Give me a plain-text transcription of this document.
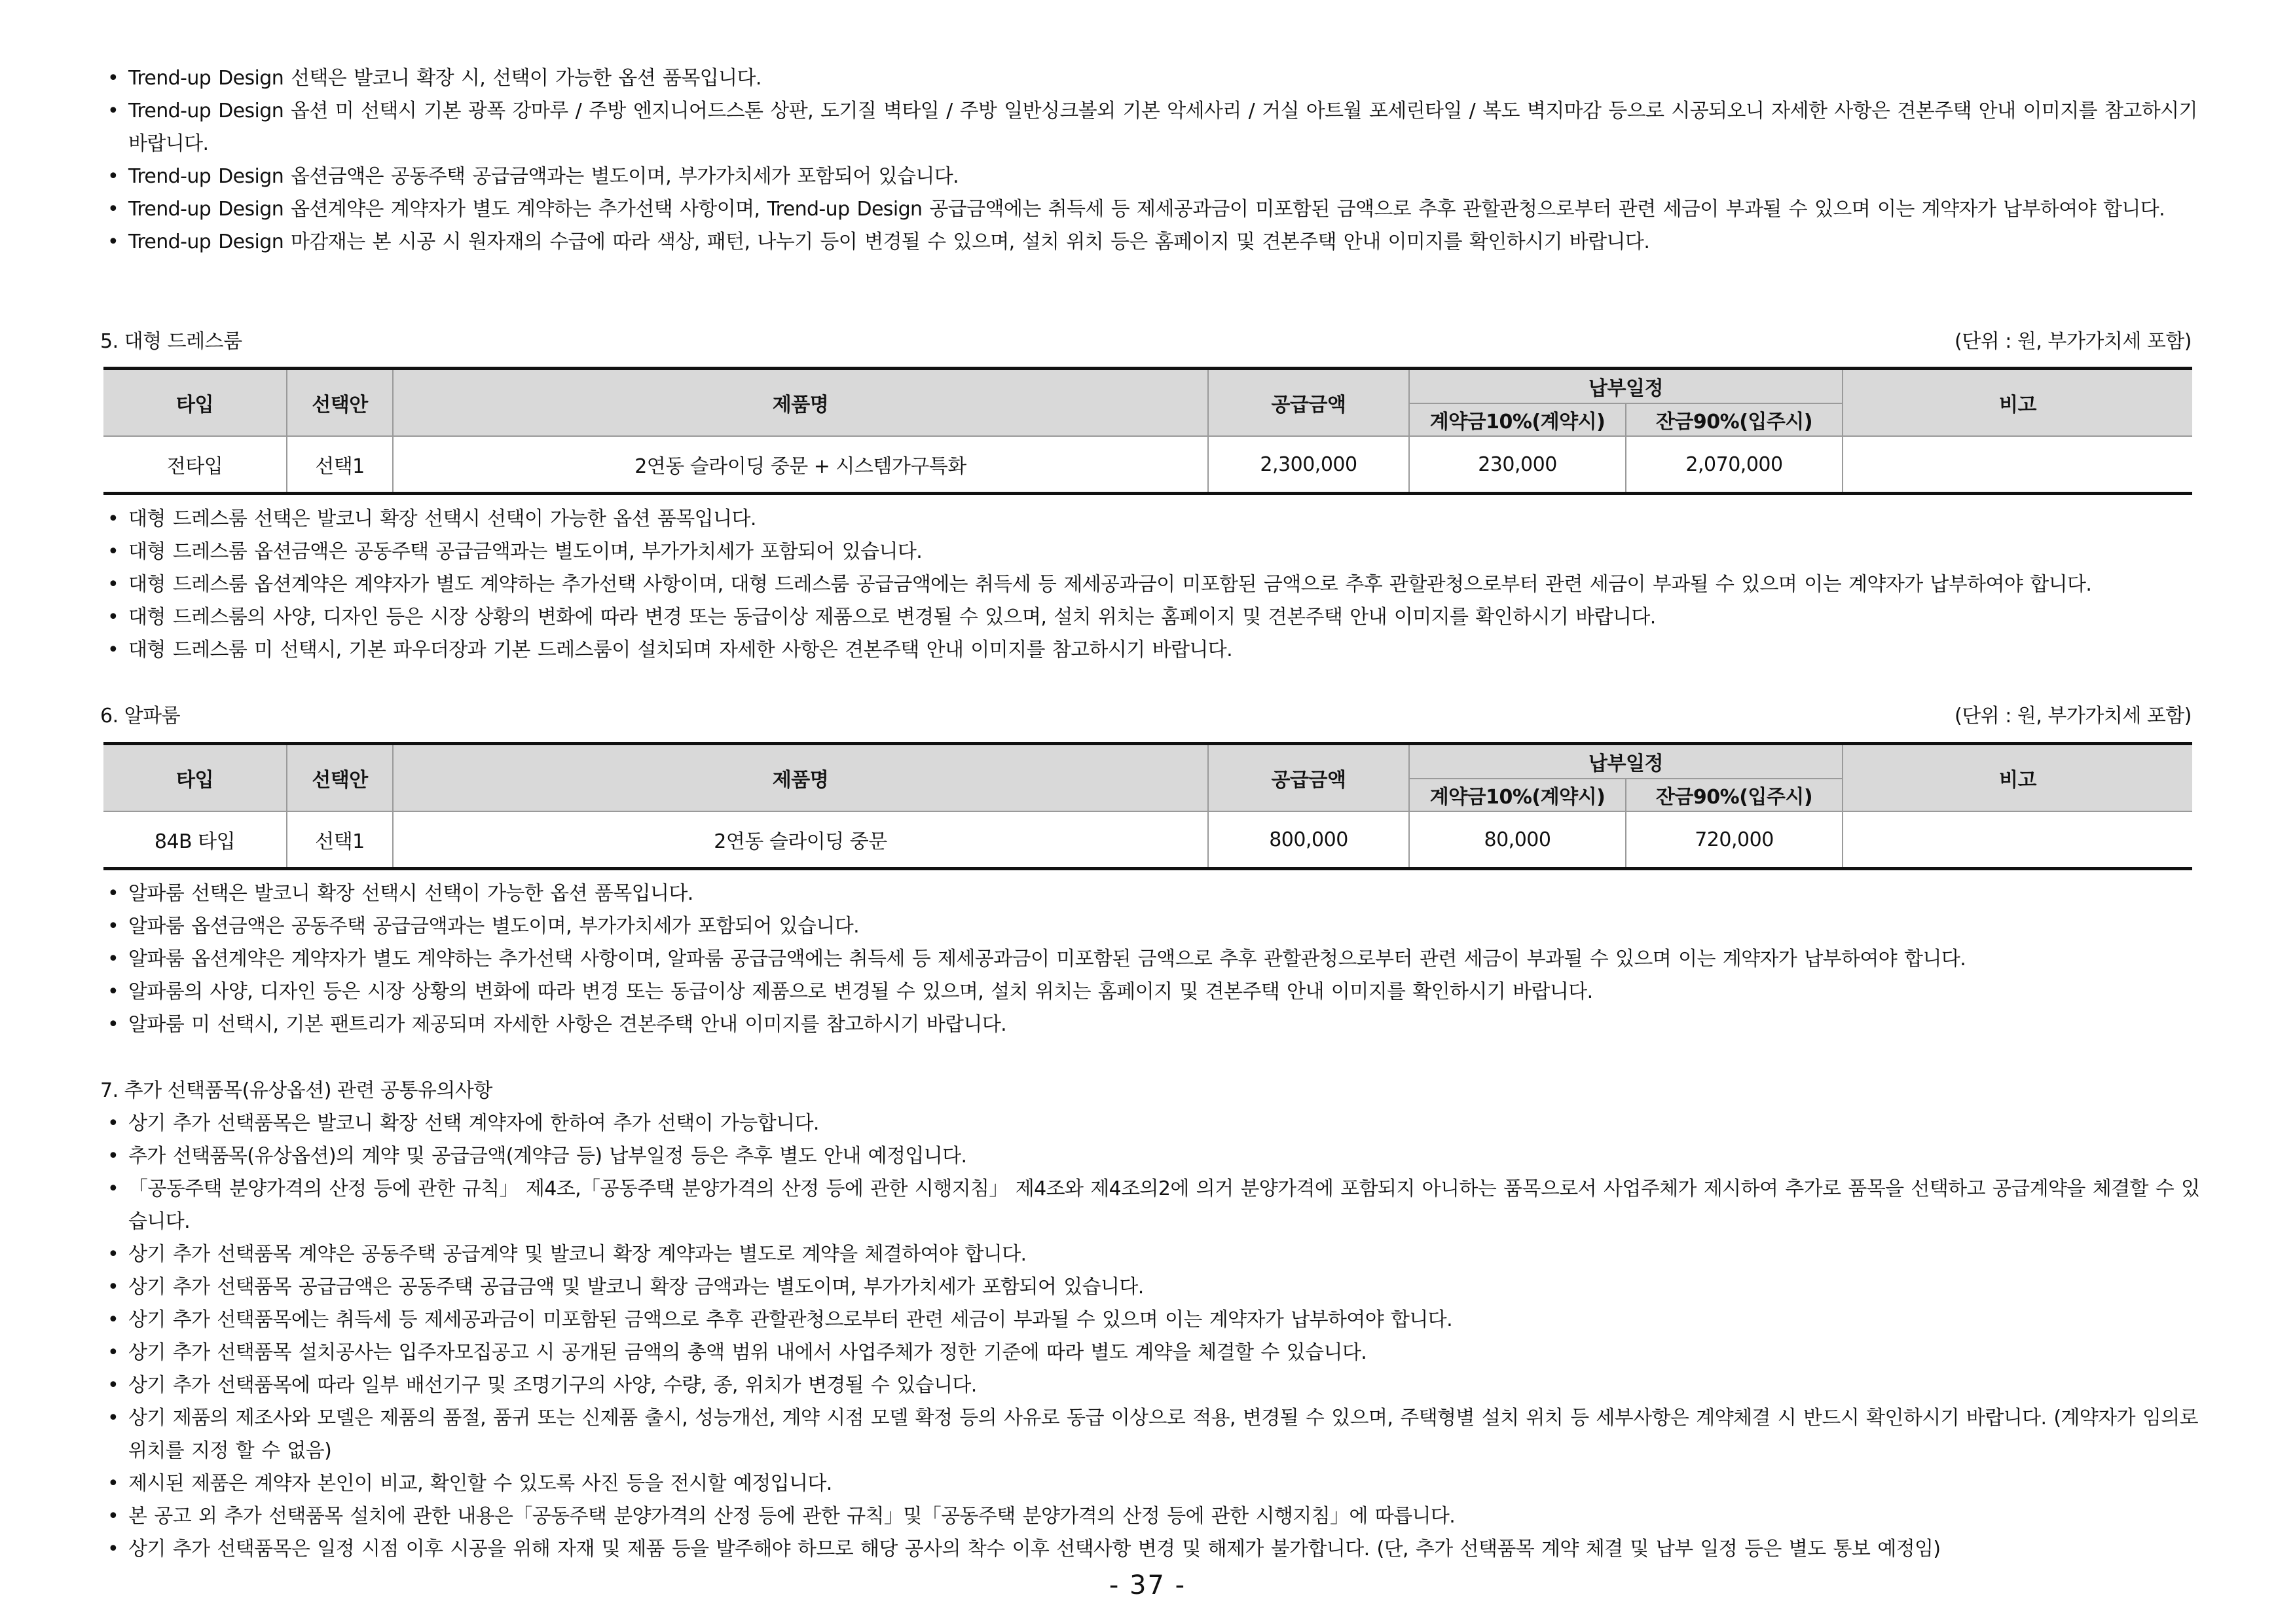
• Trend-up Design 선택은 발코니 확장 시, 선택이 가능한 옵션 품목입니다.
• Trend-up Design 옵션 미 선택시 기본 광폭 강마루 / 주방 엔지니어드스톤 상판, 도기질 벽타일 / 주방 일반싱크볼외 기본 악세사리 / 거실 아트월 포세린타일 / 복도 벽지마감 등으로 시공되오니 자세한 사항은 견본주택 안내 이미지를 참고하시기 바랍니다.
• Trend-up Design 옵션금액은 공동주택 공급금액과는 별도이며, 부가가치세가 포함되어 있습니다.
• Trend-up Design 옵션계약은 계약자가 별도 계약하는 추가선택 사항이며, Trend-up Design 공급금액에는 취득세 등 제세공과금이 미포함된 금액으로 추후 관할관청으로부터 관련 세금이 부과될 수 있으며 이는 계약자가 납부하여야 합니다.
• Trend-up Design 마감재는 본 시공 시 원자재의 수급에 따라 색상, 패턴, 나누기 등이 변경될 수 있으며, 설치 위치 등은 홈페이지 및 견본주택 안내 이미지를 확인하시기 바랍니다.
5. 대형 드레스룸	(단위 : 원, 부가가치세 포함)
타입	선택안	제품명	공급금액	납부일정		비고
				계약금10%(계약시)	잔금90%(입주시)	
전타입	선택1	2연동 슬라이딩 중문 + 시스템가구특화	2,300,000	230,000	2,070,000	
• 대형 드레스룸 선택은 발코니 확장 선택시 선택이 가능한 옵션 품목입니다.
• 대형 드레스룸 옵션금액은 공동주택 공급금액과는 별도이며, 부가가치세가 포함되어 있습니다.
• 대형 드레스룸 옵션계약은 계약자가 별도 계약하는 추가선택 사항이며, 대형 드레스룸 공급금액에는 취득세 등 제세공과금이 미포함된 금액으로 추후 관할관청으로부터 관련 세금이 부과될 수 있으며 이는 계약자가 납부하여야 합니다.
• 대형 드레스룸의 사양, 디자인 등은 시장 상황의 변화에 따라 변경 또는 동급이상 제품으로 변경될 수 있으며, 설치 위치는 홈페이지 및 견본주택 안내 이미지를 확인하시기 바랍니다.
• 대형 드레스룸 미 선택시, 기본 파우더장과 기본 드레스룸이 설치되며 자세한 사항은 견본주택 안내 이미지를 참고하시기 바랍니다.
6. 알파룸	(단위 : 원, 부가가치세 포함)
타입	선택안	제품명	공급금액	납부일정		비고
				계약금10%(계약시)	잔금90%(입주시)	
84B 타입	선택1	2연동 슬라이딩 중문	800,000	80,000	720,000	
• 알파룸 선택은 발코니 확장 선택시 선택이 가능한 옵션 품목입니다.
• 알파룸 옵션금액은 공동주택 공급금액과는 별도이며, 부가가치세가 포함되어 있습니다.
• 알파룸 옵션계약은 계약자가 별도 계약하는 추가선택 사항이며, 알파룸 공급금액에는 취득세 등 제세공과금이 미포함된 금액으로 추후 관할관청으로부터 관련 세금이 부과될 수 있으며 이는 계약자가 납부하여야 합니다.
• 알파룸의 사양, 디자인 등은 시장 상황의 변화에 따라 변경 또는 동급이상 제품으로 변경될 수 있으며, 설치 위치는 홈페이지 및 견본주택 안내 이미지를 확인하시기 바랍니다.
• 알파룸 미 선택시, 기본 팬트리가 제공되며 자세한 사항은 견본주택 안내 이미지를 참고하시기 바랍니다.
7. 추가 선택품목(유상옵션) 관련 공통유의사항
• 상기 추가 선택품목은 발코니 확장 선택 계약자에 한하여 추가 선택이 가능합니다.
• 추가 선택품목(유상옵션)의 계약 및 공급금액(계약금 등) 납부일정 등은 추후 별도 안내 예정입니다.
• 「공동주택 분양가격의 산정 등에 관한 규칙」 제4조,「공동주택 분양가격의 산정 등에 관한 시행지침」 제4조와 제4조의2에 의거 분양가격에 포함되지 아니하는 품목으로서 사업주체가 제시하여 추가로 품목을 선택하고 공급계약을 체결할 수 있습니다.
• 상기 추가 선택품목 계약은 공동주택 공급계약 및 발코니 확장 계약과는 별도로 계약을 체결하여야 합니다.
• 상기 추가 선택품목 공급금액은 공동주택 공급금액 및 발코니 확장 금액과는 별도이며, 부가가치세가 포함되어 있습니다.
• 상기 추가 선택품목에는 취득세 등 제세공과금이 미포함된 금액으로 추후 관할관청으로부터 관련 세금이 부과될 수 있으며 이는 계약자가 납부하여야 합니다.
• 상기 추가 선택품목 설치공사는 입주자모집공고 시 공개된 금액의 총액 범위 내에서 사업주체가 정한 기준에 따라 별도 계약을 체결할 수 있습니다.
• 상기 추가 선택품목에 따라 일부 배선기구 및 조명기구의 사양, 수량, 종, 위치가 변경될 수 있습니다.
• 상기 제품의 제조사와 모델은 제품의 품절, 품귀 또는 신제품 출시, 성능개선, 계약 시점 모델 확정 등의 사유로 동급 이상으로 적용, 변경될 수 있으며, 주택형별 설치 위치 등 세부사항은 계약체결 시 반드시 확인하시기 바랍니다. (계약자가 임의로 위치를 지정 할 수 없음)
• 제시된 제품은 계약자 본인이 비교, 확인할 수 있도록 사진 등을 전시할 예정입니다.
• 본 공고 외 추가 선택품목 설치에 관한 내용은「공동주택 분양가격의 산정 등에 관한 규칙」및「공동주택 분양가격의 산정 등에 관한 시행지침」에 따릅니다.
• 상기 추가 선택품목은 일정 시점 이후 시공을 위해 자재 및 제품 등을 발주해야 하므로 해당 공사의 착수 이후 선택사항 변경 및 해제가 불가합니다. (단, 추가 선택품목 계약 체결 및 납부 일정 등은 별도 통보 예정임)
- 37 -
